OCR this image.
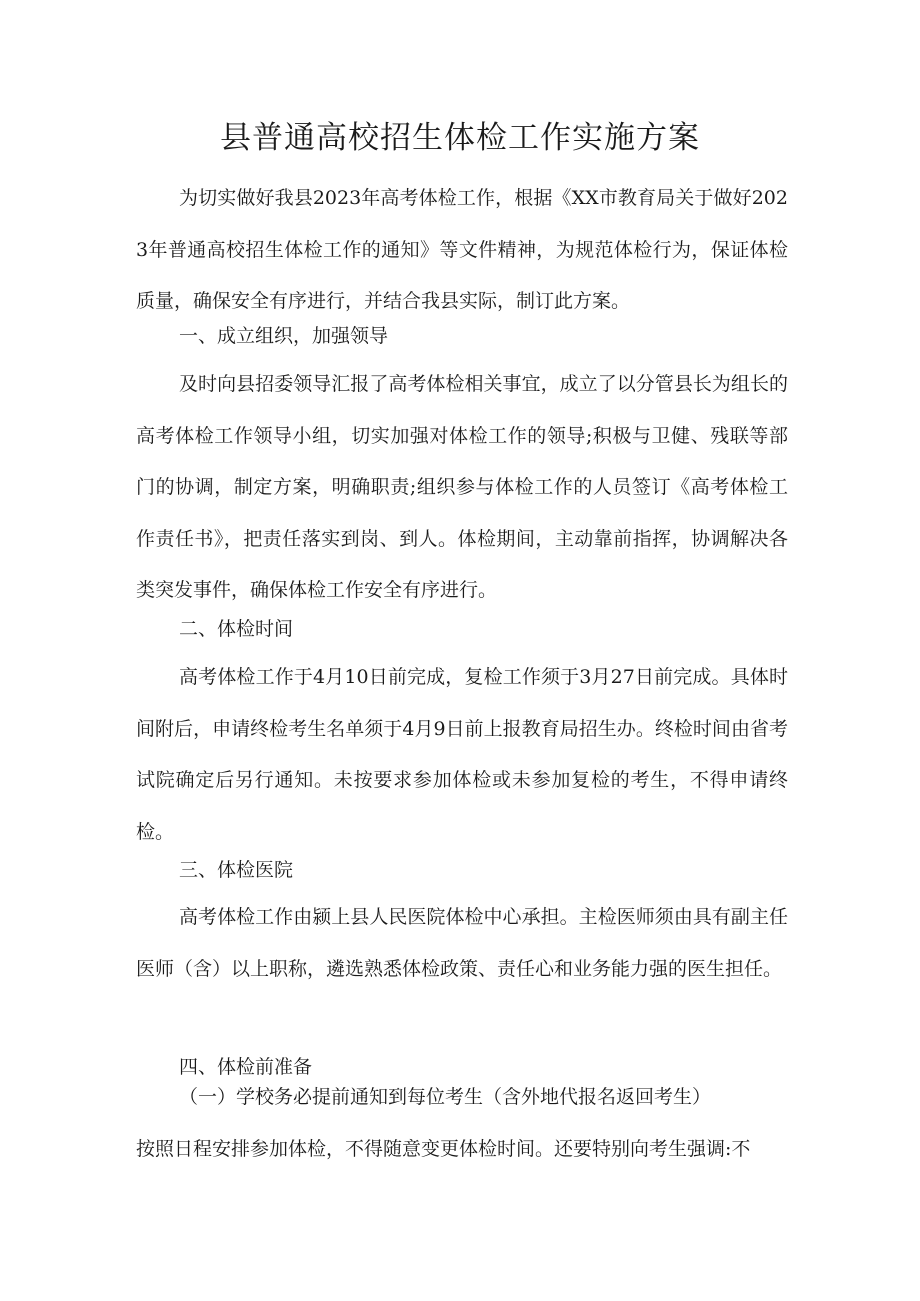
县普通高校招生体检工作实施方案

为切实做好我县2023年高考体检工作，根据《XX市教育局关于做好2023年普通高校招生体检工作的通知》等文件精神，为规范体检行为，保证体检质量，确保安全有序进行，并结合我县实际，制订此方案。

一、成立组织，加强领导

及时向县招委领导汇报了高考体检相关事宜，成立了以分管县长为组长的高考体检工作领导小组，切实加强对体检工作的领导;积极与卫健、残联等部门的协调，制定方案，明确职责;组织参与体检工作的人员签订《高考体检工作责任书》，把责任落实到岗、到人。体检期间，主动靠前指挥，协调解决各类突发事件，确保体检工作安全有序进行。

二、体检时间

高考体检工作于4月10日前完成，复检工作须于3月27日前完成。具体时间附后，申请终检考生名单须于4月9日前上报教育局招生办。终检时间由省考试院确定后另行通知。未按要求参加体检或未参加复检的考生，不得申请终检。

三、体检医院

高考体检工作由颍上县人民医院体检中心承担。主检医师须由具有副主任医师（含）以上职称，遴选熟悉体检政策、责任心和业务能力强的医生担任。

四、体检前准备

（一）学校务必提前通知到每位考生（含外地代报名返回考生）

按照日程安排参加体检，不得随意变更体检时间。还要特别向考生强调:不
